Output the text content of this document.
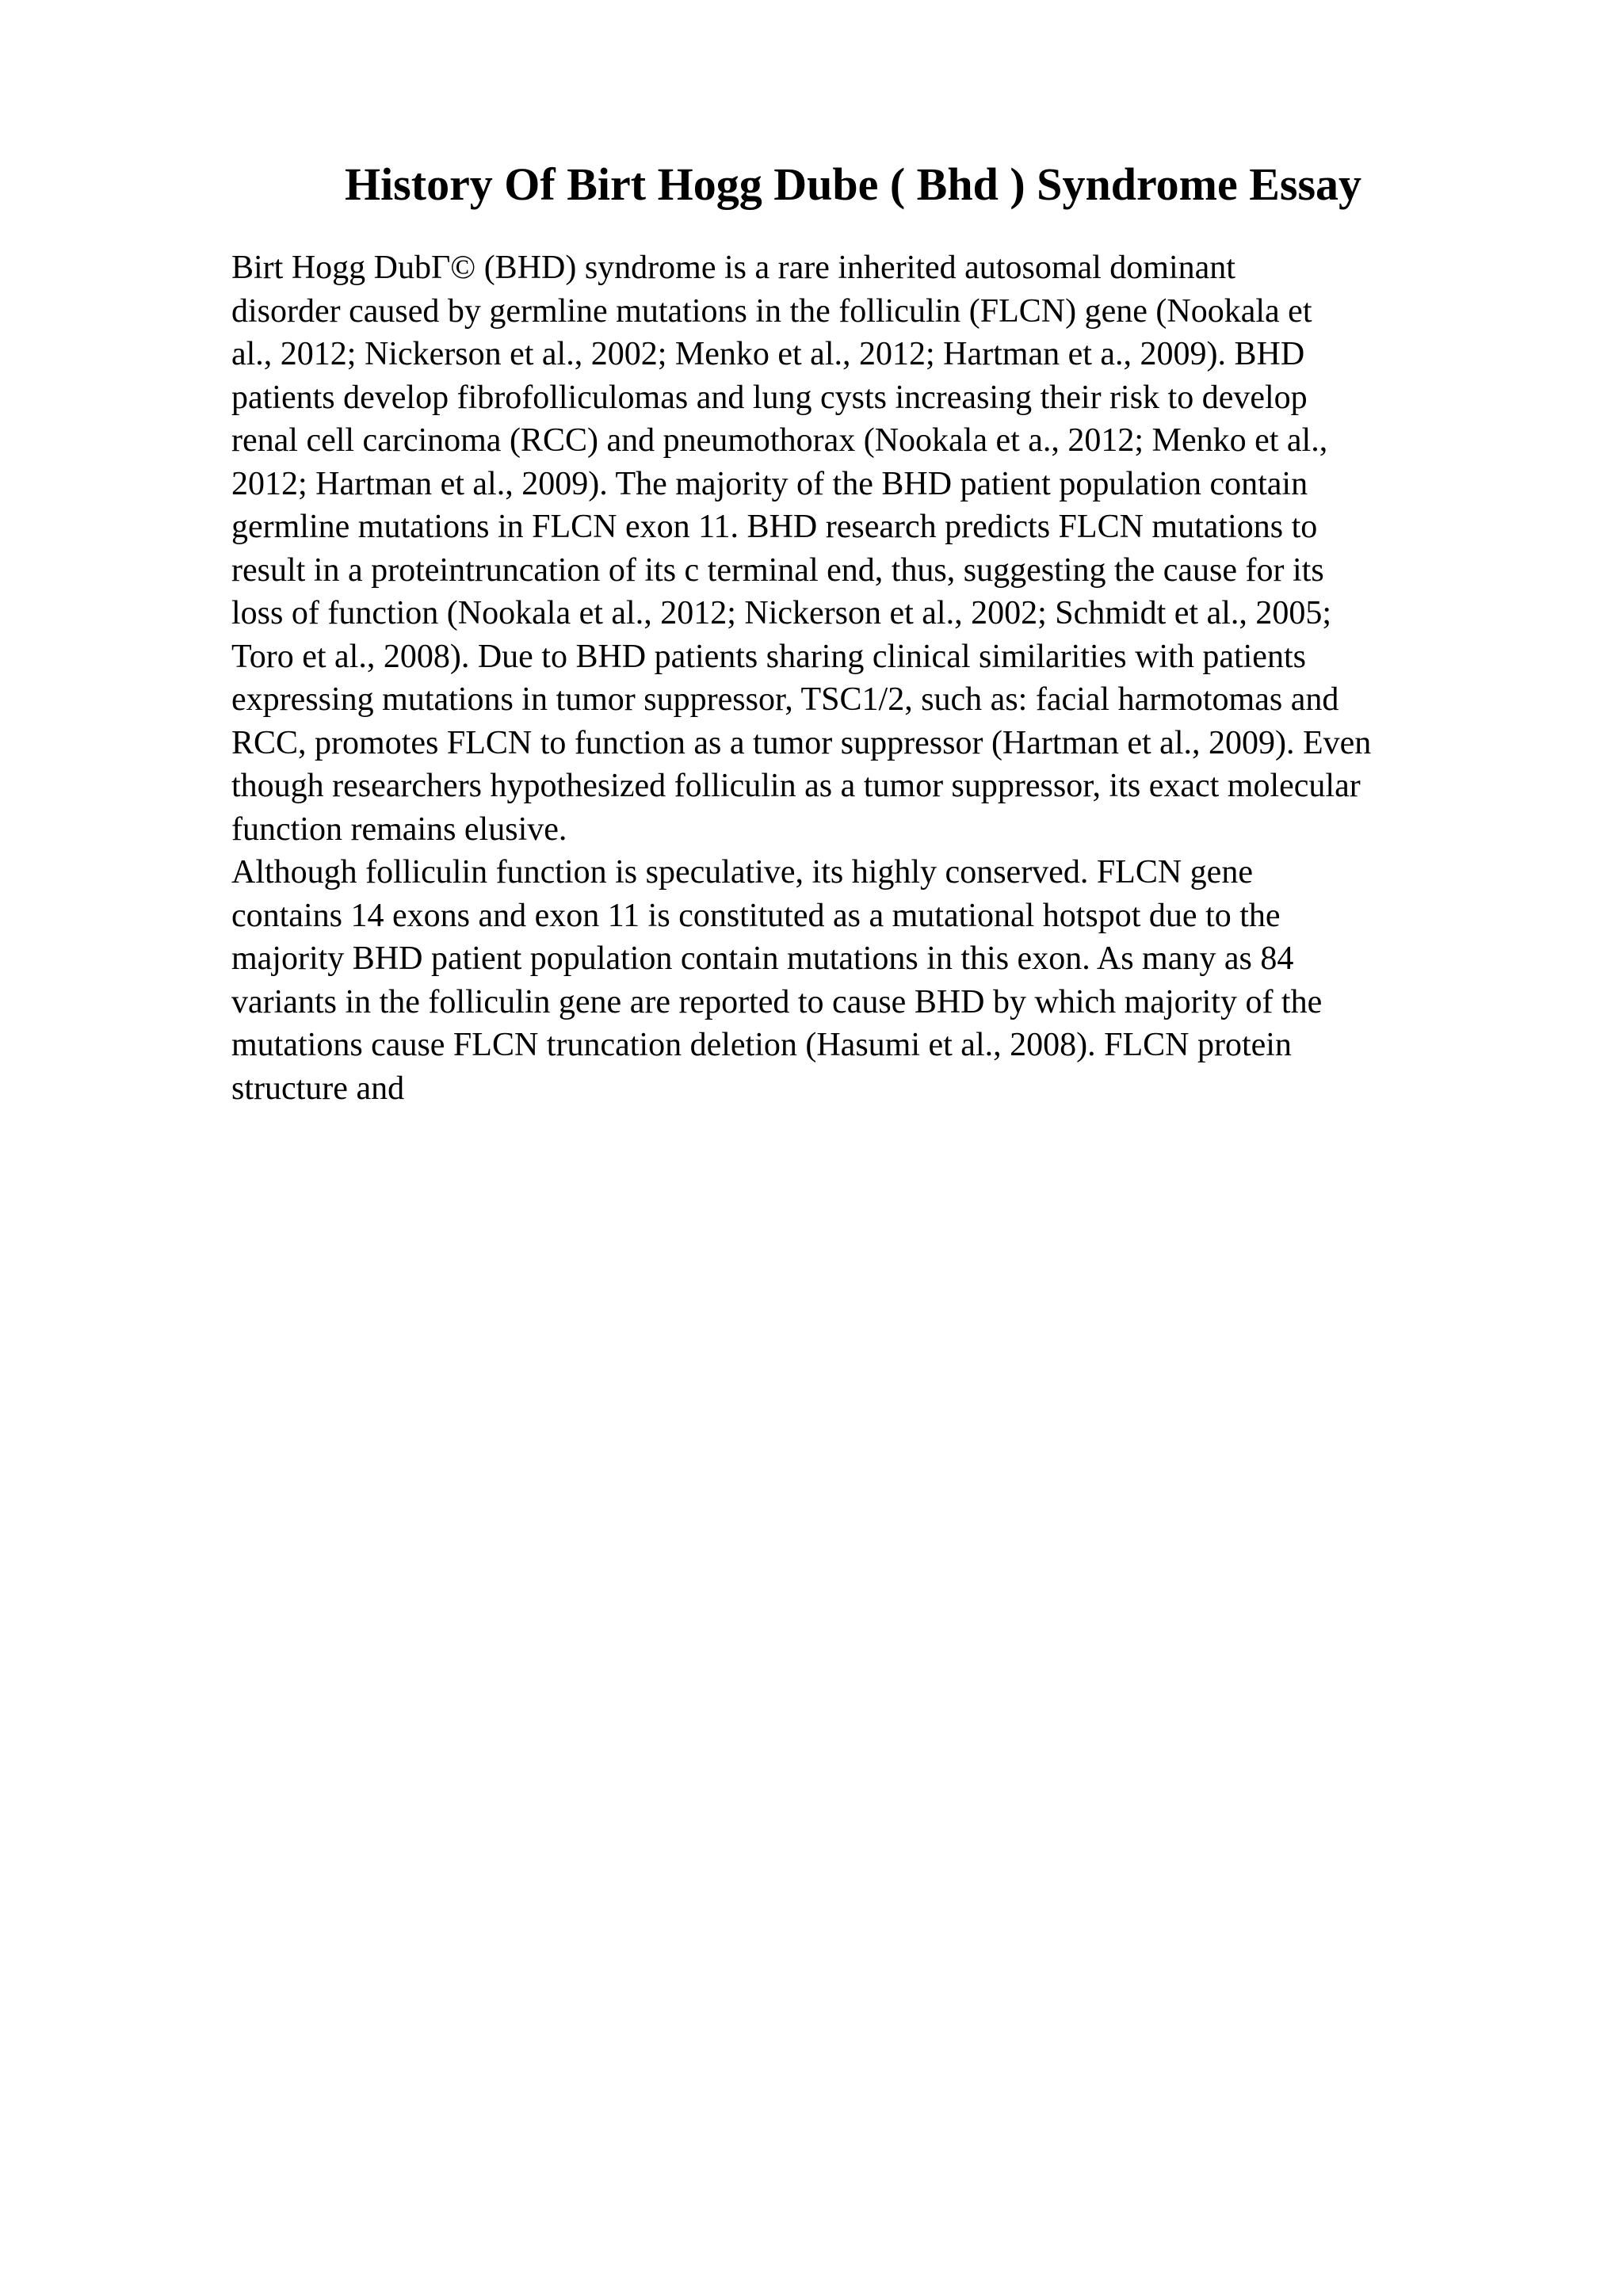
History Of Birt Hogg Dube ( Bhd ) Syndrome Essay
Birt Hogg DubГ© (BHD) syndrome is a rare inherited autosomal dominant
disorder caused by germline mutations in the folliculin (FLCN) gene (Nookala et
al., 2012; Nickerson et al., 2002; Menko et al., 2012; Hartman et a., 2009). BHD
patients develop fibrofolliculomas and lung cysts increasing their risk to develop
renal cell carcinoma (RCC) and pneumothorax (Nookala et a., 2012; Menko et al.,
2012; Hartman et al., 2009). The majority of the BHD patient population contain
germline mutations in FLCN exon 11. BHD research predicts FLCN mutations to
result in a proteintruncation of its c terminal end, thus, suggesting the cause for its
loss of function (Nookala et al., 2012; Nickerson et al., 2002; Schmidt et al., 2005;
Toro et al., 2008). Due to BHD patients sharing clinical similarities with patients
expressing mutations in tumor suppressor, TSC1/2, such as: facial harmotomas and
RCC, promotes FLCN to function as a tumor suppressor (Hartman et al., 2009). Even
though researchers hypothesized folliculin as a tumor suppressor, its exact molecular
function remains elusive.
Although folliculin function is speculative, its highly conserved. FLCN gene
contains 14 exons and exon 11 is constituted as a mutational hotspot due to the
majority BHD patient population contain mutations in this exon. As many as 84
variants in the folliculin gene are reported to cause BHD by which majority of the
mutations cause FLCN truncation deletion (Hasumi et al., 2008). FLCN protein
structure and
